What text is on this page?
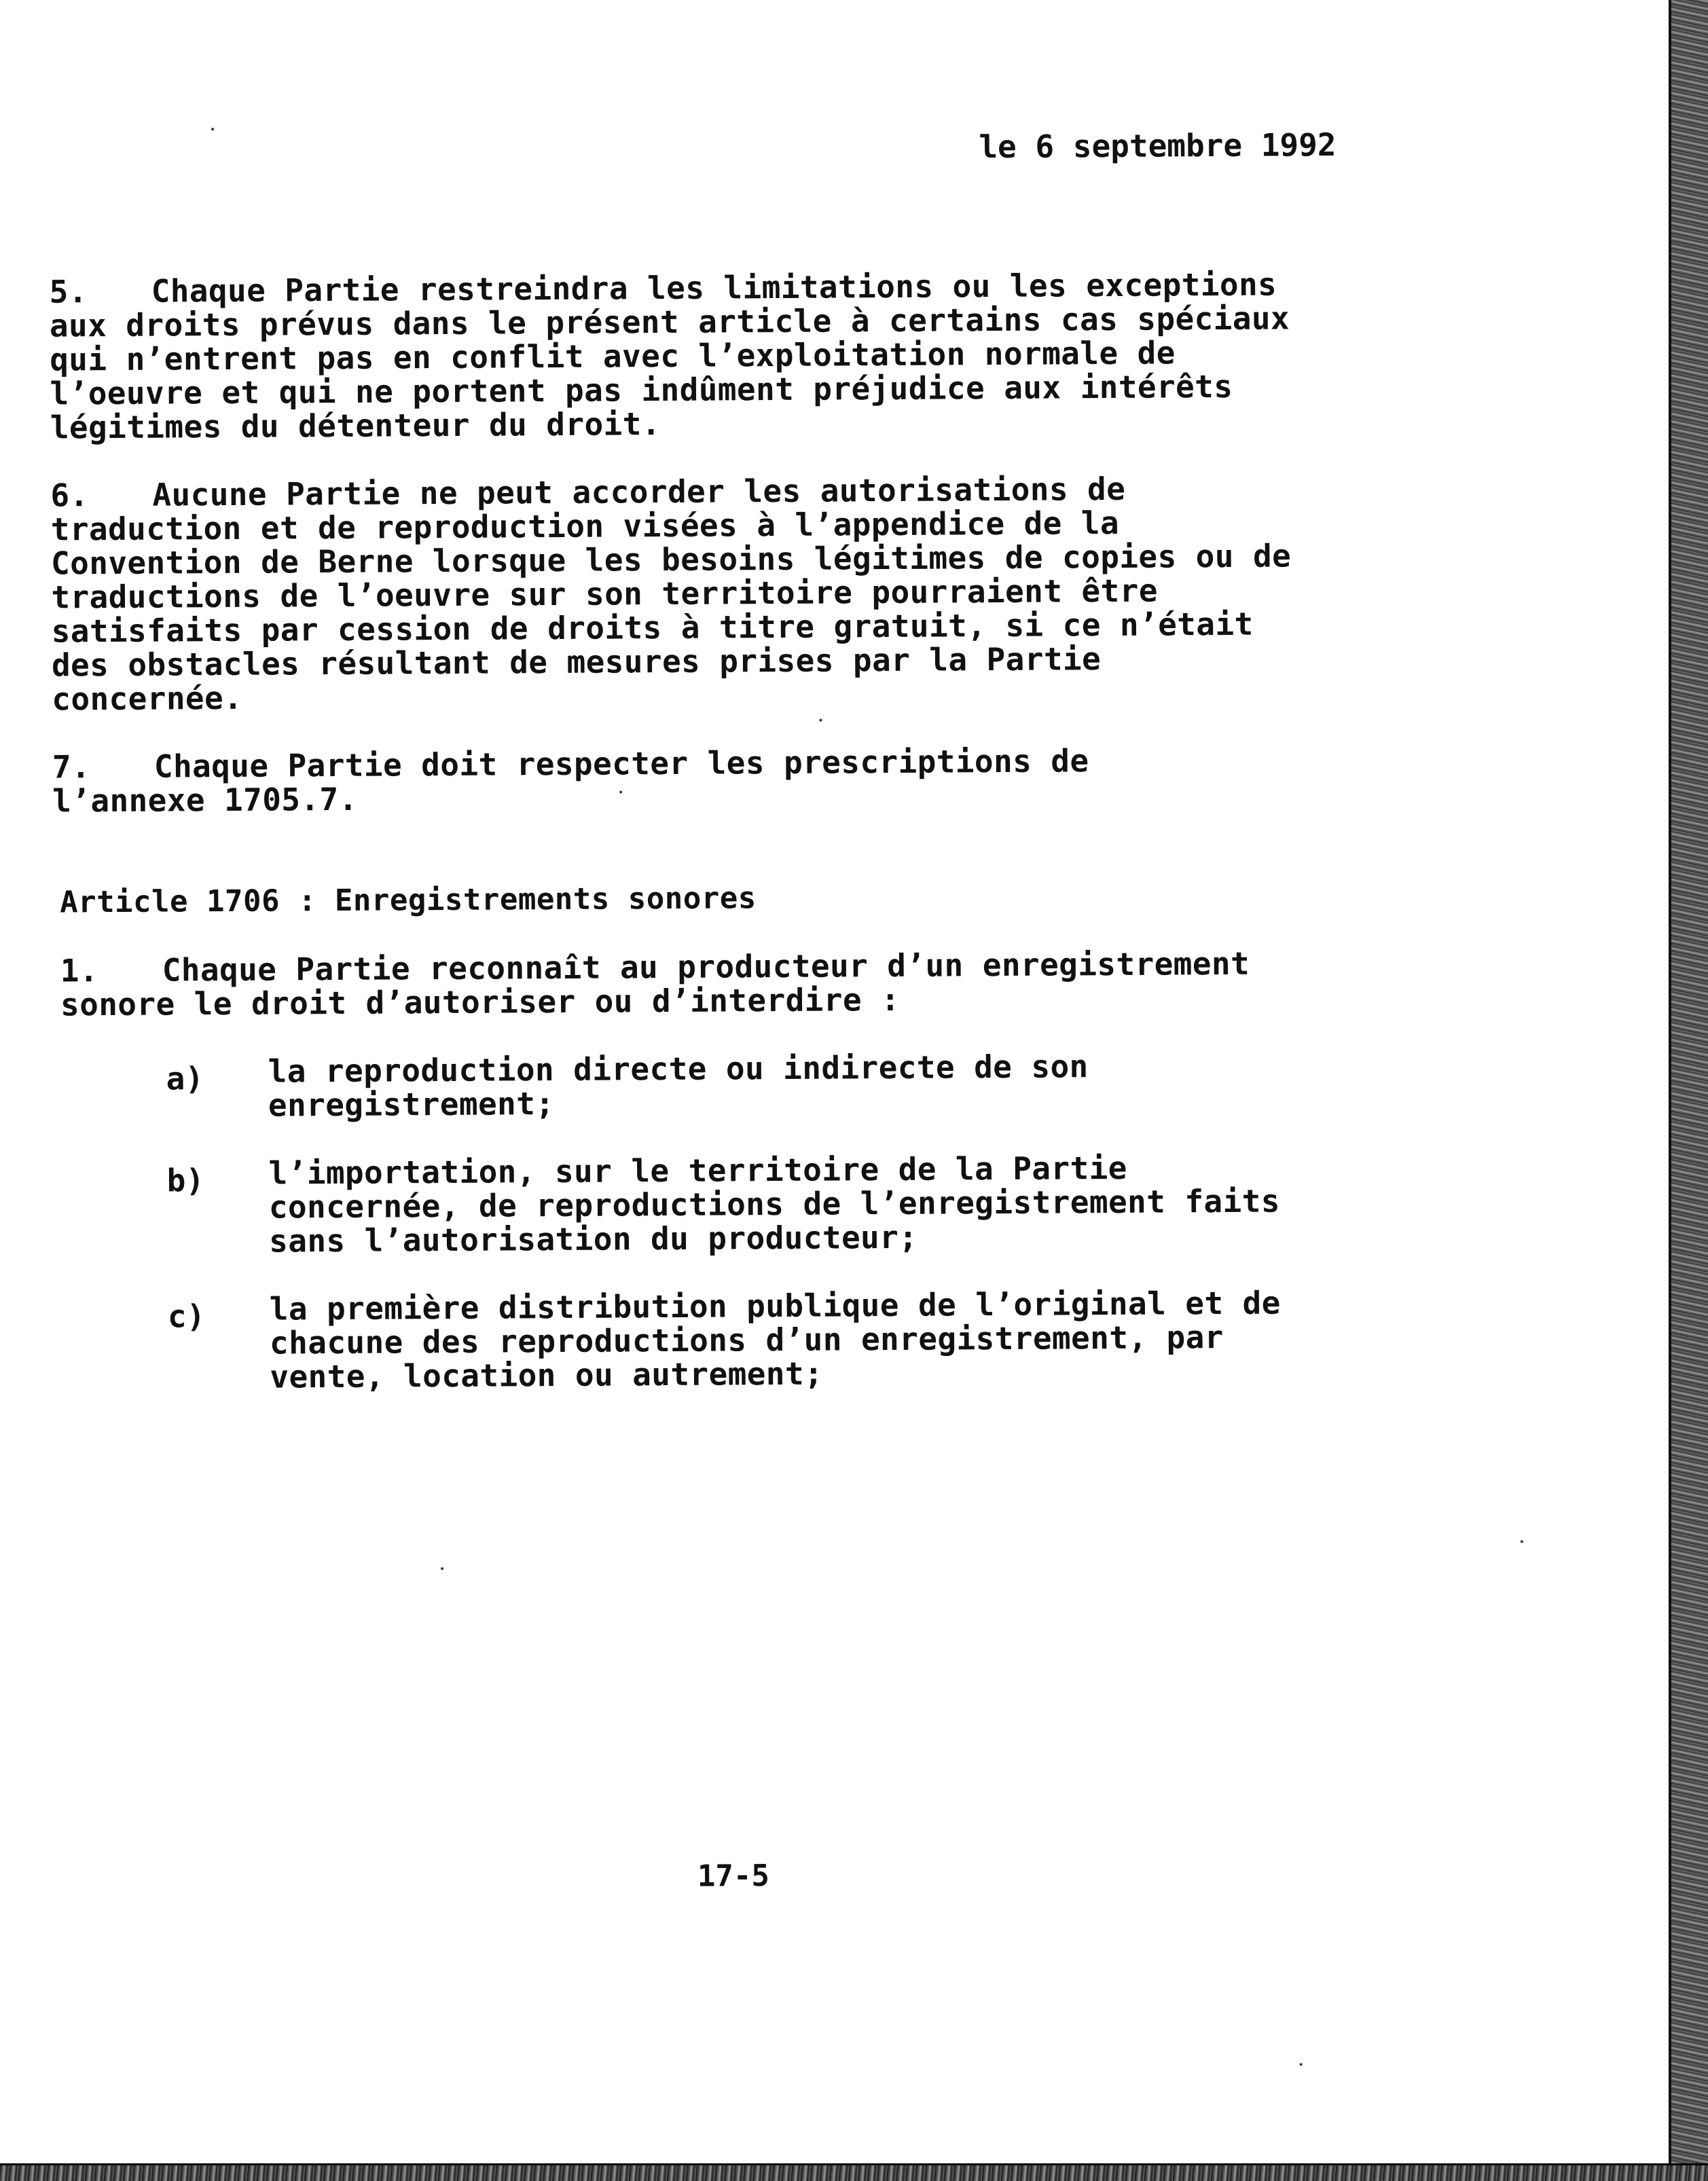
le 6 septembre 1992
5. Chaque Partie restreindra les limitations ou les exceptions
aux droits prévus dans le présent article à certains cas spéciaux
qui n’entrent pas en conflit avec l’exploitation normale de
l’oeuvre et qui ne portent pas indûment préjudice aux intérêts
légitimes du détenteur du droit.
6. Aucune Partie ne peut accorder les autorisations de
traduction et de reproduction visées à l’appendice de la
Convention de Berne lorsque les besoins légitimes de copies ou de
traductions de l’oeuvre sur son territoire pourraient être
satisfaits par cession de droits à titre gratuit, si ce n’était
des obstacles résultant de mesures prises par la Partie
concernée.
7. Chaque Partie doit respecter les prescriptions de
l’annexe 1705.7.
Article 1706 : Enregistrements sonores
1. Chaque Partie reconnaît au producteur d’un enregistrement
sonore le droit d’autoriser ou d’interdire :
a) la reproduction directe ou indirecte de son
enregistrement;
b) l’importation, sur le territoire de la Partie
concernée, de reproductions de l’enregistrement faits
sans l’autorisation du producteur;
c) la première distribution publique de l’original et de
chacune des reproductions d’un enregistrement, par
vente, location ou autrement;
17-5
